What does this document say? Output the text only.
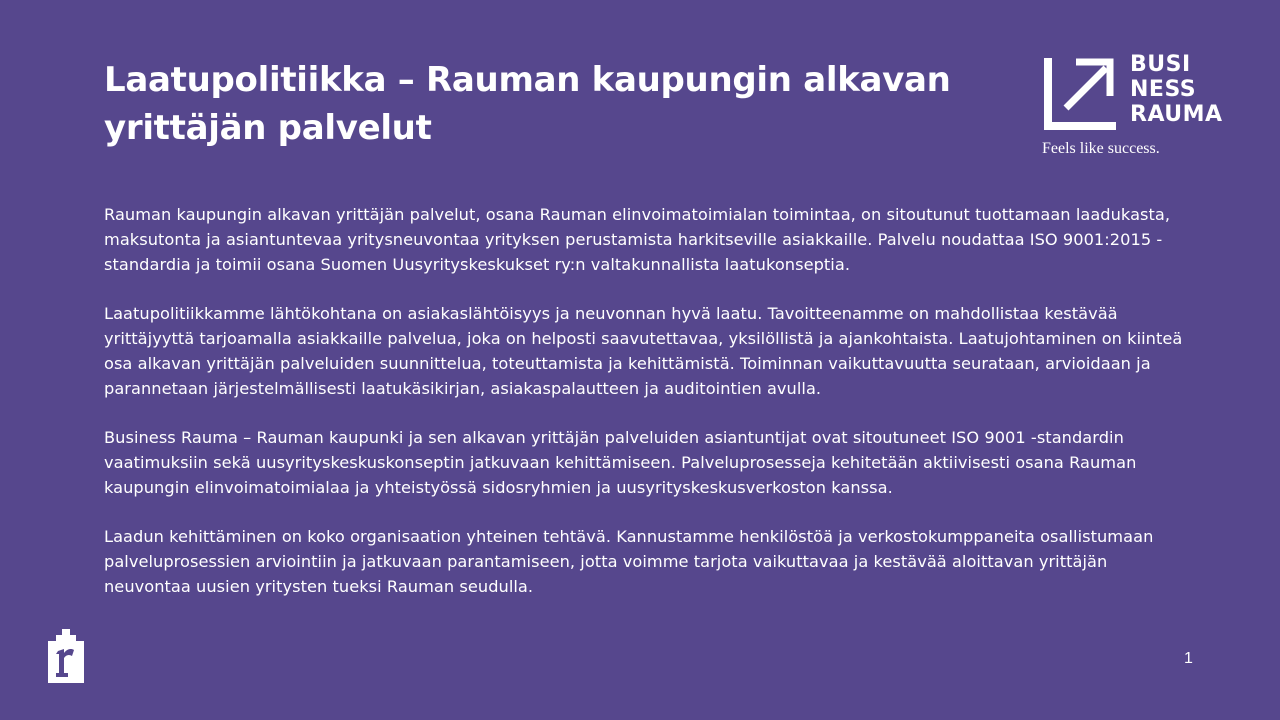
Laatupolitiikka – Rauman kaupungin alkavan yrittäjän palvelut
BUSI
NESS
RAUMA
Feels like success.

Rauman kaupungin alkavan yrittäjän palvelut, osana Rauman elinvoimatoimialan toimintaa, on sitoutunut tuottamaan laadukasta, maksutonta ja asiantuntevaa yritysneuvontaa yrityksen perustamista harkitseville asiakkaille. Palvelu noudattaa ISO 9001:2015 -standardia ja toimii osana Suomen Uusyrityskeskukset ry:n valtakunnallista laatukonseptia.

Laatupolitiikkamme lähtökohtana on asiakaslähtöisyys ja neuvonnan hyvä laatu. Tavoitteenamme on mahdollistaa kestävää yrittäjyyttä tarjoamalla asiakkaille palvelua, joka on helposti saavutettavaa, yksilöllistä ja ajankohtaista. Laatujohtaminen on kiinteä osa alkavan yrittäjän palveluiden suunnittelua, toteuttamista ja kehittämistä. Toiminnan vaikuttavuutta seurataan, arvioidaan ja parannetaan järjestelmällisesti laatukäsikirjan, asiakaspalautteen ja auditointien avulla.

Business Rauma – Rauman kaupunki ja sen alkavan yrittäjän palveluiden asiantuntijat ovat sitoutuneet ISO 9001 -standardin vaatimuksiin sekä uusyrityskeskuskonseptin jatkuvaan kehittämiseen. Palveluprosesseja kehitetään aktiivisesti osana Rauman kaupungin elinvoimatoimialaa ja yhteistyössä sidosryhmien ja uusyrityskeskusverkoston kanssa.

Laadun kehittäminen on koko organisaation yhteinen tehtävä. Kannustamme henkilöstöä ja verkostokumppaneita osallistumaan palveluprosessien arviointiin ja jatkuvaan parantamiseen, jotta voimme tarjota vaikuttavaa ja kestävää aloittavan yrittäjän neuvontaa uusien yritysten tueksi Rauman seudulla.

1
